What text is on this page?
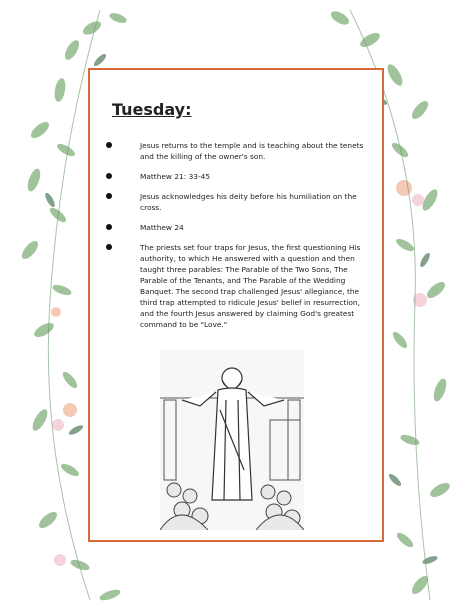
Tuesday:
Jesus returns to the temple and is teaching about the tenets and the killing of the owner's son.
Matthew 21: 33-45
Jesus acknowledges his deity before his humiliation on the cross.
Matthew 24
The priests set four traps for Jesus, the first questioning His authority, to which He answered with a question and then taught three parables: The Parable of the Two Sons, The Parable of the Tenants, and The Parable of the Wedding Banquet. The second trap challenged Jesus' allegiance, the third trap attempted to ridicule Jesus' belief in resurrection, and the fourth Jesus answered by claiming God's greatest command to be "Love."
